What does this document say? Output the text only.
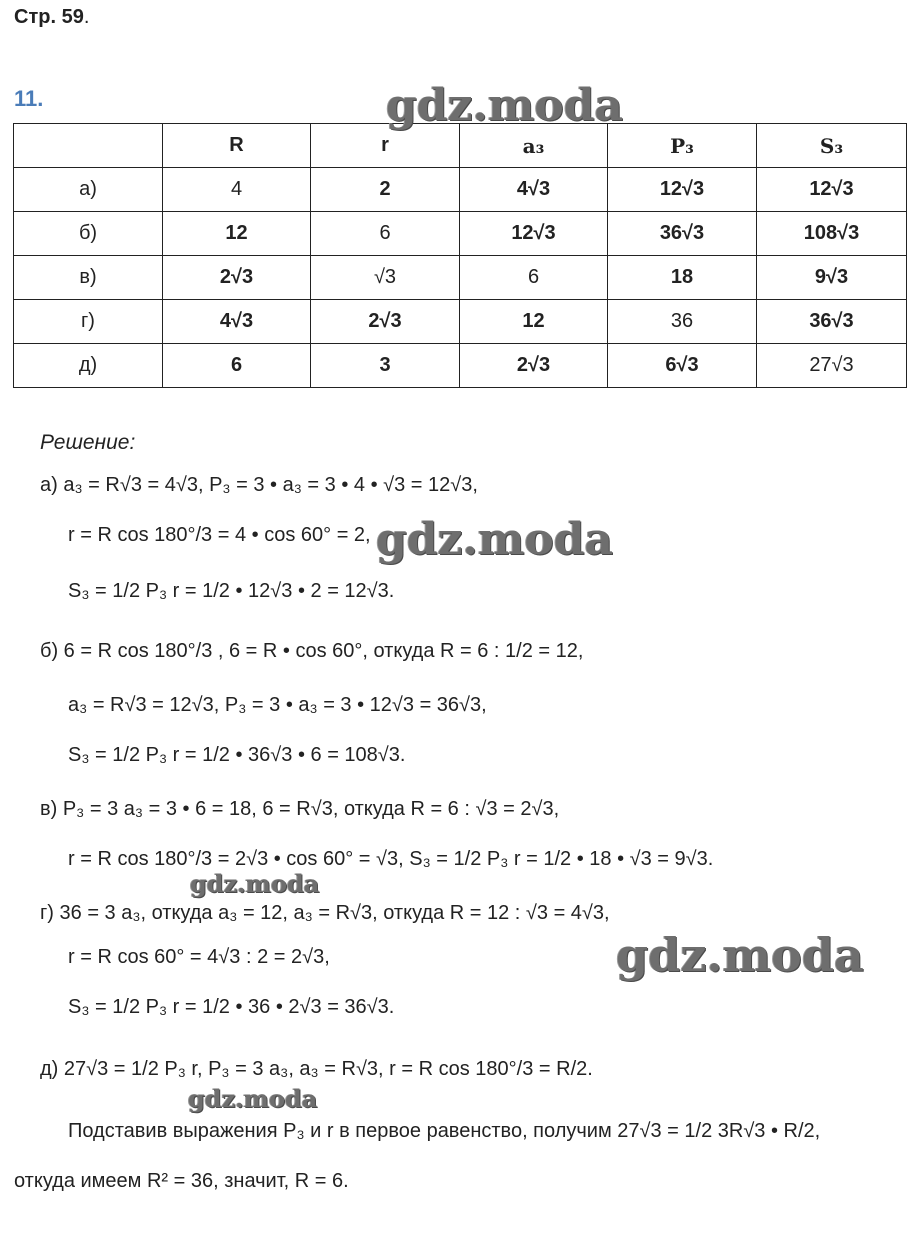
Стр. 59.
11.
	R	r	a₃	P₃	S₃
а)	4	2	4√3	12√3	12√3
б)	12	6	12√3	36√3	108√3
в)	2√3	√3	6	18	9√3
г)	4√3	2√3	12	36	36√3
д)	6	3	2√3	6√3	27√3
Решение:
а) a₃ = R√3 = 4√3, P₃ = 3 • a₃ = 3 • 4 • √3 = 12√3,
r = R cos 180°/3 = 4 • cos 60° = 2,
S₃ = 1/2 P₃ r = 1/2 • 12√3 • 2 = 12√3.
б) 6 = R cos 180°/3 , 6 = R • cos 60°, откуда R = 6 : 1/2 = 12,
a₃ = R√3 = 12√3, P₃ = 3 • a₃ = 3 • 12√3 = 36√3,
S₃ = 1/2 P₃ r = 1/2 • 36√3 • 6 = 108√3.
в) P₃ = 3 a₃ = 3 • 6 = 18, 6 = R√3, откуда R = 6 : √3 = 2√3,
r = R cos 180°/3 = 2√3 • cos 60° = √3, S₃ = 1/2 P₃ r = 1/2 • 18 • √3 = 9√3.
г) 36 = 3 a₃, откуда a₃ = 12, a₃ = R√3, откуда R = 12 : √3 = 4√3,
r = R cos 60° = 4√3 : 2 = 2√3,
S₃ = 1/2 P₃ r = 1/2 • 36 • 2√3 = 36√3.
д) 27√3 = 1/2 P₃ r, P₃ = 3 a₃, a₃ = R√3, r = R cos 180°/3 = R/2.
Подставив выражения P₃ и r в первое равенство, получим 27√3 = 1/2 3R√3 • R/2,
откуда имеем R² = 36, значит, R = 6.
gdz.moda
gdz.moda
gdz.moda
gdz.moda
gdz.moda
